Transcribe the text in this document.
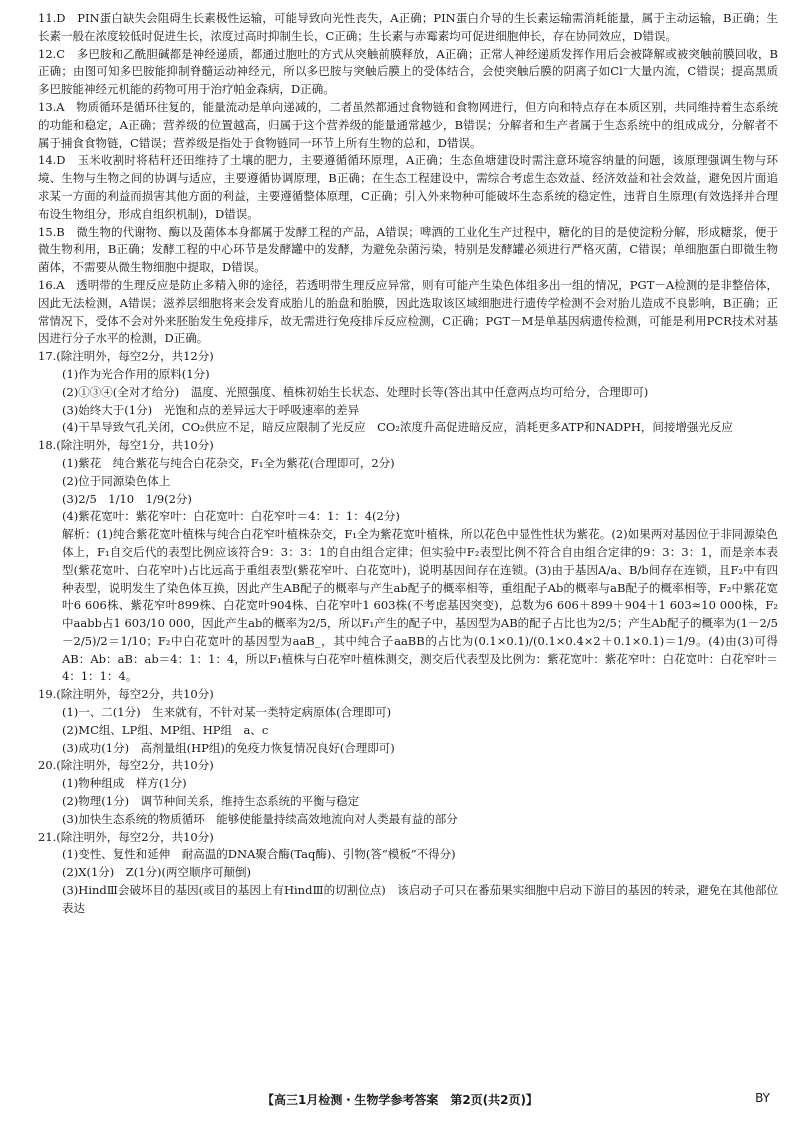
11.D　PIN蛋白缺失会阻碍生长素极性运输，可能导致向光性丧失，A正确；PIN蛋白介导的生长素运输需消耗能量，属于主动运输，B正确；生长素一般在浓度较低时促进生长，浓度过高时抑制生长，C正确；生长素与赤霉素均可促进细胞伸长，存在协同效应，D错误。

12.C　多巴胺和乙酰胆碱都是神经递质，都通过胞吐的方式从突触前膜释放，A正确；正常人神经递质发挥作用后会被降解或被突触前膜回收，B正确；由图可知多巴胺能抑制脊髓运动神经元，所以多巴胺与突触后膜上的受体结合，会使突触后膜的阴离子如Cl⁻大量内流，C错误；提高黑质多巴胺能神经元机能的药物可用于治疗帕金森病，D正确。

13.A　物质循环是循环往复的，能量流动是单向递减的，二者虽然都通过食物链和食物网进行，但方向和特点存在本质区别，共同维持着生态系统的功能和稳定，A正确；营养级的位置越高，归属于这个营养级的能量通常越少，B错误；分解者和生产者属于生态系统中的组成成分，分解者不属于捕食食物链，C错误；营养级是指处于食物链同一环节上所有生物的总和，D错误。

14.D　玉米收割时将秸秆还田维持了土壤的肥力，主要遵循循环原理，A正确；生态鱼塘建设时需注意环境容纳量的问题，该原理强调生物与环境、生物与生物之间的协调与适应，主要遵循协调原理，B正确；在生态工程建设中，需综合考虑生态效益、经济效益和社会效益，避免因片面追求某一方面的利益而损害其他方面的利益，主要遵循整体原理，C正确；引入外来物种可能破坏生态系统的稳定性，违背自生原理(有效选择并合理布设生物组分，形成自组织机制)，D错误。

15.B　微生物的代谢物、酶以及菌体本身都属于发酵工程的产品，A错误；啤酒的工业化生产过程中，糖化的目的是使淀粉分解，形成糖浆，便于微生物利用，B正确；发酵工程的中心环节是发酵罐中的发酵，为避免杂菌污染，特别是发酵罐必须进行严格灭菌，C错误；单细胞蛋白即微生物菌体，不需要从微生物细胞中提取，D错误。

16.A　透明带的生理反应是防止多精入卵的途径，若透明带生理反应异常，则有可能产生染色体组多出一组的情况，PGT－A检测的是非整倍体，因此无法检测，A错误；滋养层细胞将来会发育成胎儿的胎盘和胎膜，因此选取该区域细胞进行遗传学检测不会对胎儿造成不良影响，B正确；正常情况下，受体不会对外来胚胎发生免疫排斥，故无需进行免疫排斥反应检测，C正确；PGT－M是单基因病遗传检测，可能是利用PCR技术对基因进行分子水平的检测，D正确。

17.(除注明外，每空2分，共12分)

(1)作为光合作用的原料(1分)

(2)①③④(全对才给分)　温度、光照强度、植株初始生长状态、处理时长等(答出其中任意两点均可给分，合理即可)

(3)始终大于(1分)　光饱和点的差异远大于呼吸速率的差异

(4)干旱导致气孔关闭，CO₂供应不足，暗反应限制了光反应　CO₂浓度升高促进暗反应，消耗更多ATP和NADPH，间接增强光反应

18.(除注明外，每空1分，共10分)

(1)紫花　纯合紫花与纯合白花杂交，F₁全为紫花(合理即可，2分)

(2)位于同源染色体上

(3)2/5　1/10　1/9(2分)

(4)紫花宽叶：紫花窄叶：白花宽叶：白花窄叶＝4：1：1：4(2分)

解析：(1)纯合紫花宽叶植株与纯合白花窄叶植株杂交，F₁全为紫花宽叶植株，所以花色中显性性状为紫花。(2)如果两对基因位于非同源染色体上，F₁自交后代的表型比例应该符合9：3：3：1的自由组合定律；但实验中F₂表型比例不符合自由组合定律的9：3：3：1，而是亲本表型(紫花宽叶、白花窄叶)占比远高于重组表型(紫花窄叶、白花宽叶)，说明基因间存在连锁。(3)由于基因A/a、B/b间存在连锁，且F₂中有四种表型，说明发生了染色体互换，因此产生AB配子的概率与产生ab配子的概率相等，重组配子Ab的概率与aB配子的概率相等，F₂中紫花宽叶6 606株、紫花窄叶899株、白花宽叶904株、白花窄叶1 603株(不考虑基因突变)，总数为6 606＋899＋904＋1 603≈10 000株，F₂中aabb占1 603/10 000，因此产生ab的概率为2/5，所以F₁产生的配子中，基因型为AB的配子占比也为2/5；产生Ab配子的概率为(1－2/5－2/5)/2＝1/10；F₂中白花宽叶的基因型为aaB_，其中纯合子aaBB的占比为(0.1×0.1)/(0.1×0.4×2＋0.1×0.1)＝1/9。(4)由(3)可得AB：Ab：aB：ab＝4：1：1：4，所以F₁植株与白花窄叶植株测交，测交后代表型及比例为：紫花宽叶：紫花窄叶：白花宽叶：白花窄叶＝4：1：1：4。

19.(除注明外，每空2分，共10分)

(1)一、二(1分)　生来就有，不针对某一类特定病原体(合理即可)

(2)MC组、LP组、MP组、HP组　a、c

(3)成功(1分)　高剂量组(HP组)的免疫力恢复情况良好(合理即可)

20.(除注明外，每空2分，共10分)

(1)物种组成　样方(1分)

(2)物理(1分)　调节种间关系，维持生态系统的平衡与稳定

(3)加快生态系统的物质循环　能够使能量持续高效地流向对人类最有益的部分

21.(除注明外，每空2分，共10分)

(1)变性、复性和延伸　耐高温的DNA聚合酶(Taq酶)、引物(答“模板”不得分)

(2)X(1分)　Z(1分)(两空顺序可颠倒)

(3)HindⅢ会破坏目的基因(或目的基因上有HindⅢ的切割位点)　该启动子可只在番茄果实细胞中启动下游目的基因的转录，避免在其他部位表达

【高三1月检测・生物学参考答案　第2页(共2页)】	BY
